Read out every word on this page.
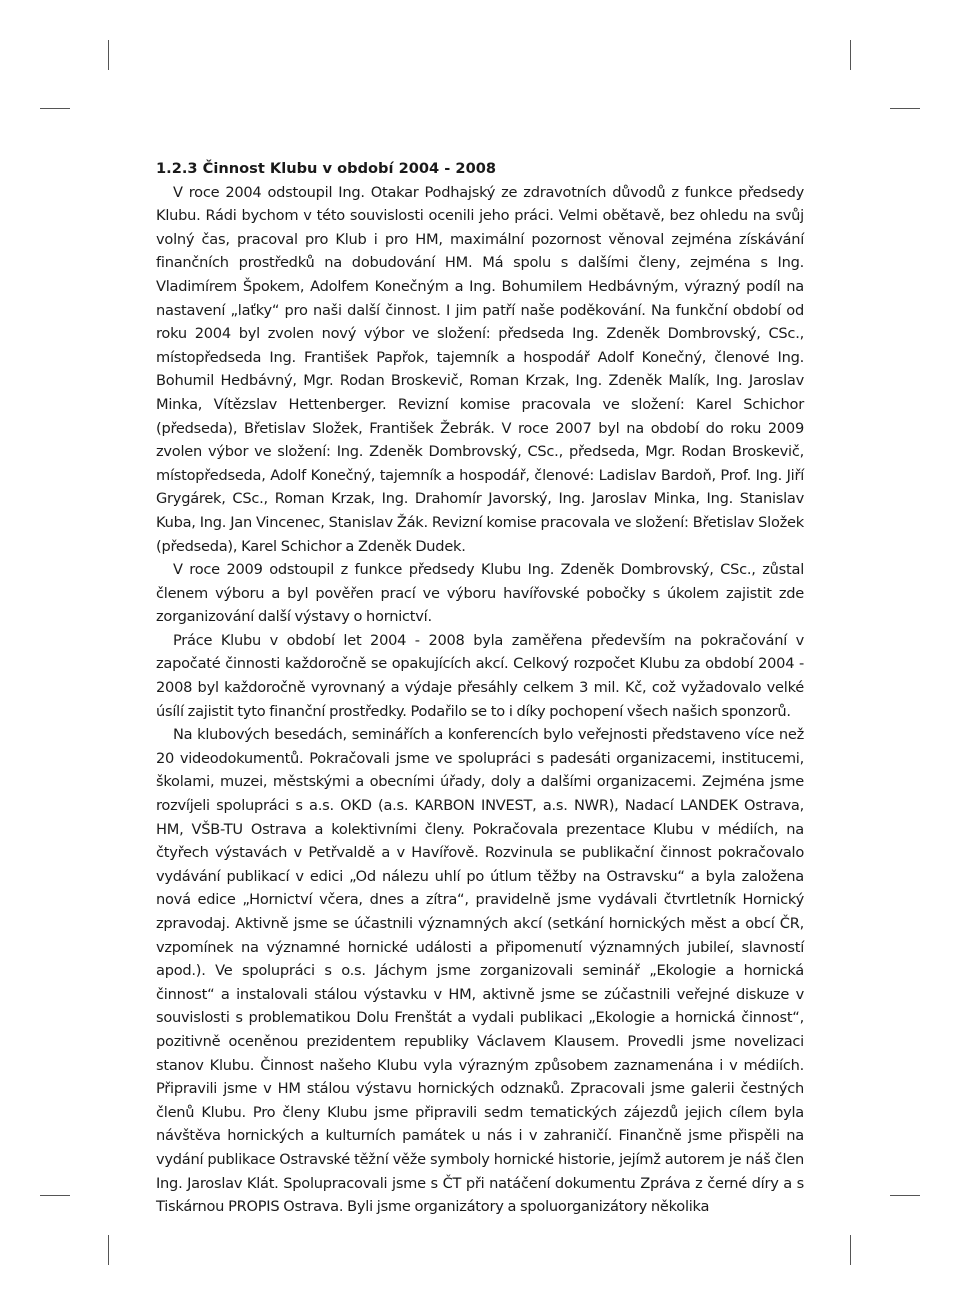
1.2.3 Činnost Klubu v období 2004 - 2008

V roce 2004 odstoupil Ing. Otakar Podhajský ze zdravotních důvodů z funkce předsedy Klubu. Rádi bychom v této souvislosti ocenili jeho práci. Velmi obětavě, bez ohledu na svůj volný čas, pracoval pro Klub i pro HM, maximální pozornost věnoval zejména získávání finančních prostředků na dobudování HM. Má spolu s dalšími členy, zejména s Ing. Vladimírem Špokem, Adolfem Konečným a Ing. Bohumilem Hedbávným, výrazný podíl na nastavení „laťky“ pro naši další činnost. I jim patří naše poděkování. Na funkční období od roku 2004 byl zvolen nový výbor ve složení: předseda Ing. Zdeněk Dombrovský, CSc., místopředseda Ing. František Papřok, tajemník a hospodář Adolf Konečný, členové Ing. Bohumil Hedbávný, Mgr. Rodan Broskevič, Roman Krzak, Ing. Zdeněk Malík, Ing. Jaroslav Minka, Vítězslav Hettenberger. Revizní komise pracovala ve složení: Karel Schichor (předseda), Břetislav Složek, František Žebrák. V roce 2007 byl na období do roku 2009 zvolen výbor ve složení: Ing. Zdeněk Dombrovský, CSc., předseda, Mgr. Rodan Broskevič, místopředseda, Adolf Konečný, tajemník a hospodář, členové: Ladislav Bardoň, Prof. Ing. Jiří Grygárek, CSc., Roman Krzak, Ing. Drahomír Javorský, Ing. Jaroslav Minka, Ing. Stanislav Kuba, Ing. Jan Vincenec, Stanislav Žák. Revizní komise pracovala ve složení: Břetislav Složek (předseda), Karel Schichor a Zdeněk Dudek.

V roce 2009 odstoupil z funkce předsedy Klubu Ing. Zdeněk Dombrovský, CSc., zůstal členem výboru a byl pověřen prací ve výboru havířovské pobočky s úkolem zajistit zde zorganizování další výstavy o hornictví.

Práce Klubu v období let 2004 - 2008 byla zaměřena především na pokračování v započaté činnosti každoročně se opakujících akcí. Celkový rozpočet Klubu za období 2004 - 2008 byl každoročně vyrovnaný a výdaje přesáhly celkem 3 mil. Kč, což vyžadovalo velké úsílí zajistit tyto finanční prostředky. Podařilo se to i díky pochopení všech našich sponzorů.

Na klubových besedách, seminářích a konferencích bylo veřejnosti představeno více než 20 videodokumentů. Pokračovali jsme ve spolupráci s padesáti organizacemi, institucemi, školami, muzei, městskými a obecními úřady, doly a dalšími organizacemi. Zejména jsme rozvíjeli spolupráci s a.s. OKD (a.s. KARBON INVEST, a.s. NWR), Nadací LANDEK Ostrava, HM, VŠB-TU Ostrava a kolektivními členy. Pokračovala prezentace Klubu v médiích, na čtyřech výstavách v Petřvaldě a v Havířově. Rozvinula se publikační činnost pokračovalo vydávání publikací v edici „Od nálezu uhlí po útlum těžby na Ostravsku“ a byla založena nová edice „Hornictví včera, dnes a zítra“, pravidelně jsme vydávali čtvrtletník Hornický zpravodaj. Aktivně jsme se účastnili významných akcí (setkání hornických měst a obcí ČR, vzpomínek na významné hornické události a připomenutí významných jubileí, slavností apod.). Ve spolupráci s o.s. Jáchym jsme zorganizovali seminář „Ekologie a hornická činnost“ a instalovali stálou výstavku v HM, aktivně jsme se zúčastnili veřejné diskuze v souvislosti s problematikou Dolu Frenštát a vydali publikaci „Ekologie a hornická činnost“, pozitivně oceněnou prezidentem republiky Václavem Klausem. Provedli jsme novelizaci stanov Klubu. Činnost našeho Klubu vyla výrazným způsobem zaznamenána i v médiích. Připravili jsme v HM stálou výstavu hornických odznaků. Zpracovali jsme galerii čestných členů Klubu. Pro členy Klubu jsme připravili sedm tematických zájezdů jejich cílem byla návštěva hornických a kulturních památek u nás i v zahraničí. Finančně jsme přispěli na vydání publikace Ostravské těžní věže symboly hornické historie, jejímž autorem je náš člen Ing. Jaroslav Klát. Spolupracovali jsme s ČT při natáčení dokumentu Zpráva z černé díry a s Tiskárnou PROPIS Ostrava. Byli jsme organizátory a spoluorganizátory několika
